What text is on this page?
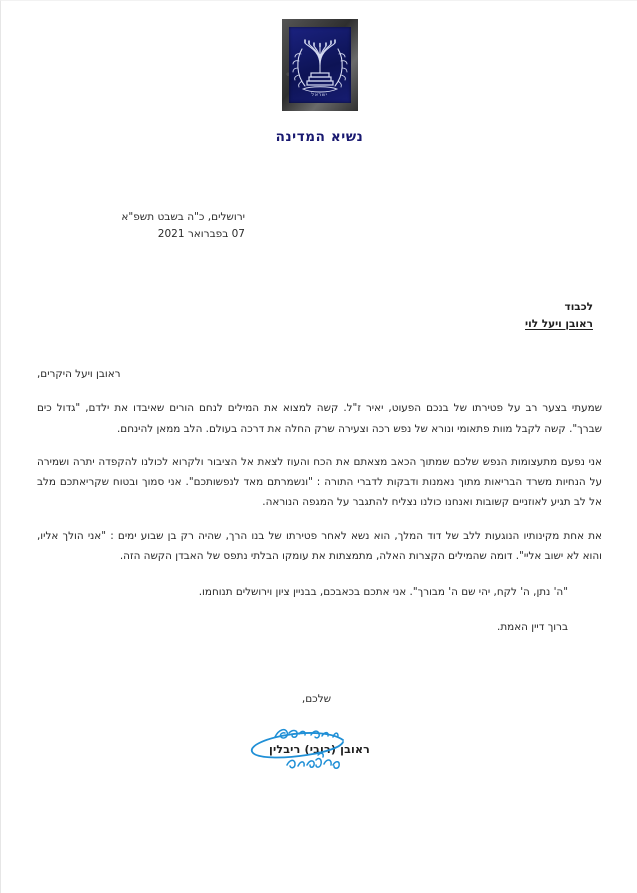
ישראל
נשיא המדינה
ירושלים, כ"ה בשבט תשפ"א
07 בפברואר 2021
לכבוד
ראובן ויעל לוי
ראובן ויעל היקרים,

שמעתי בצער רב על פטירתו של בנכם הפעוט, יאיר ז"ל. קשה למצוא את המילים לנחם הורים שאיבדו את ילדם, "גדול כים שברך". קשה לקבל מוות פתאומי ונורא של נפש רכה וצעירה שרק החלה את דרכה בעולם. הלב ממאן להינחם.

אני נפעם מתעצומות הנפש שלכם שמתוך הכאב מצאתם את הכח והעוז לצאת אל הציבור ולקרוא לכולנו להקפדה יתרה ושמירה על הנחיות משרד הבריאות מתוך נאמנות ודבקות לדברי התורה : "ונשמרתם מאד לנפשותכם". אני סמוך ובטוח שקריאתכם מלב אל לב תגיע לאוזניים קשובות ואנחנו כולנו נצליח להתגבר על המגפה הנוראה.

את אחת מקינותיו הנוגעות ללב של דוד המלך, הוא נשא לאחר פטירתו של בנו הרך, שהיה רק בן שבוע ימים : "אני הולך אליו, והוא לא ישוב אליי". דומה שהמילים הקצרות האלה, מתמצתות את עומקו הבלתי נתפס של האבדן הקשה הזה.

"ה' נתן, ה' לקח, יהי שם ה' מבורך". אני אתכם בכאבכם, בבניין ציון וירושלים תנוחמו.

ברוך דיין האמת.

שלכם,
ראובן (רובי) ריבלין
